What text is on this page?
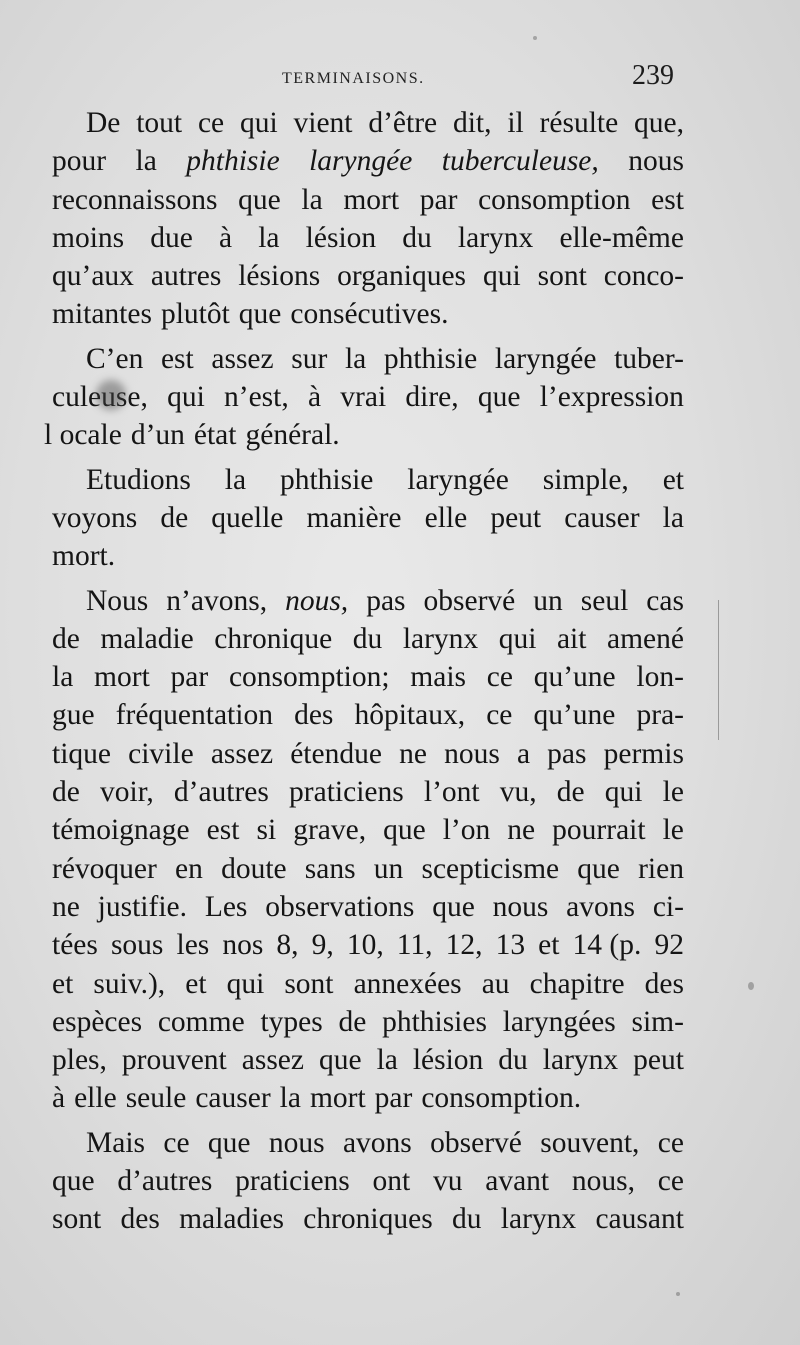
TERMINAISONS.	239
De tout ce qui vient d’être dit, il résulte que,
pour la phthisie laryngée tuberculeuse, nous
reconnaissons que la mort par consomption est
moins due à la lésion du larynx elle-même
qu’aux autres lésions organiques qui sont conco-
mitantes plutôt que consécutives.
C’en est assez sur la phthisie laryngée tuber-
culeuse, qui n’est, à vrai dire, que l’expression
l ocale d’un état général.
Etudions la phthisie laryngée simple, et
voyons de quelle manière elle peut causer la
mort.
Nous n’avons, nous, pas observé un seul cas
de maladie chronique du larynx qui ait amené
la mort par consomption; mais ce qu’une lon-
gue fréquentation des hôpitaux, ce qu’une pra-
tique civile assez étendue ne nous a pas permis
de voir, d’autres praticiens l’ont vu, de qui le
témoignage est si grave, que l’on ne pourrait le
révoquer en doute sans un scepticisme que rien
ne justifie. Les observations que nous avons ci-
tées sous les nos 8, 9, 10, 11, 12, 13 et 14 (p. 92
et suiv.), et qui sont annexées au chapitre des
espèces comme types de phthisies laryngées sim-
ples, prouvent assez que la lésion du larynx peut
à elle seule causer la mort par consomption.
Mais ce que nous avons observé souvent, ce
que d’autres praticiens ont vu avant nous, ce
sont des maladies chroniques du larynx causant
